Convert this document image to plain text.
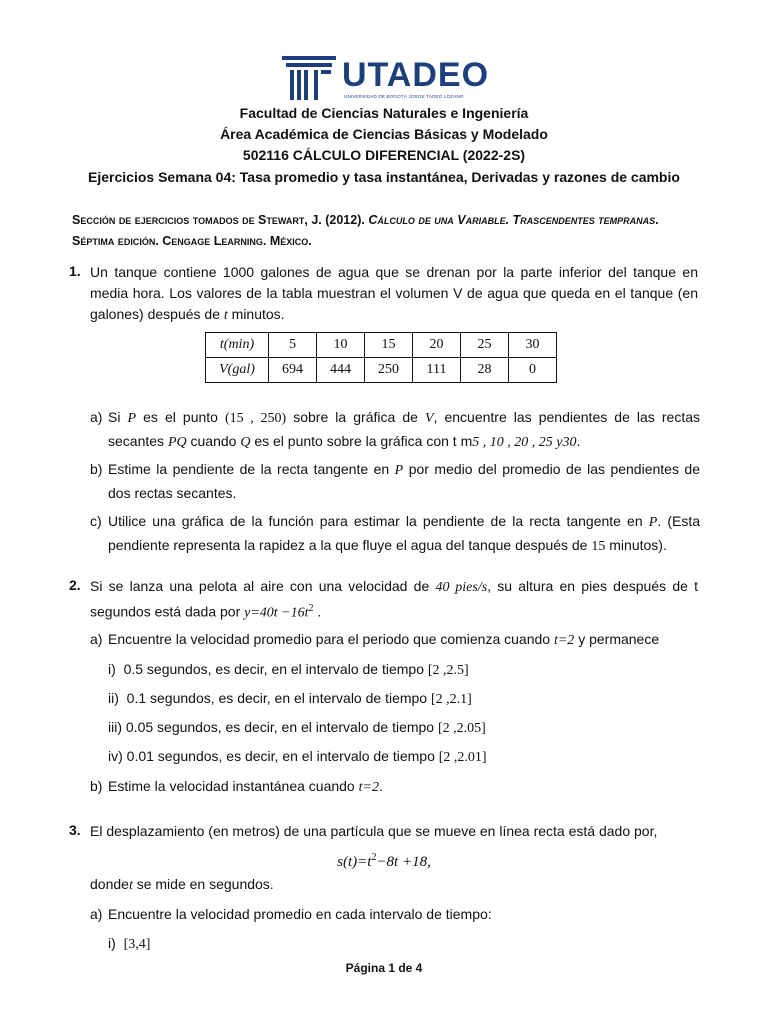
UTADEO
UNIVERSIDAD DE BOGOTÁ JORGE TADEO LOZANO
Facultad de Ciencias Naturales e Ingeniería
Área Académica de Ciencias Básicas y Modelado
502116 CÁLCULO DIFERENCIAL (2022-2S)
Ejercicios Semana 04: Tasa promedio y tasa instantánea, Derivadas y razones de cambio
Sección de ejercicios tomados de Stewart, J. (2012). Cálculo de una Variable. Trascendentes tempranas.
Séptima edición. Cengage Learning. México.
1. Un tanque contiene 1000 galones de agua que se drenan por la parte inferior del tanque en media hora. Los valores de la tabla muestran el volumen V de agua que queda en el tanque (en galones) después de t minutos.
t(min)	5	10	15	20	25	30
V(gal)	694	444	250	111	28	0
a) Si P es el punto (15 , 250) sobre la gráfica de V, encuentre las pendientes de las rectas secantes PQ cuando Q es el punto sobre la gráfica con t m5 , 10 , 20 , 25 y30.
b) Estime la pendiente de la recta tangente en P por medio del promedio de las pendientes de dos rectas secantes.
c) Utilice una gráfica de la función para estimar la pendiente de la recta tangente en P. (Esta pendiente representa la rapidez a la que fluye el agua del tanque después de 15 minutos).
2. Si se lanza una pelota al aire con una velocidad de 40 pies/s, su altura en pies después de t segundos está dada por $y=40t -16t^2$ .
a) Encuentre la velocidad promedio para el periodo que comienza cuando t=2 y permanece
i) 0.5 segundos, es decir, en el intervalo de tiempo [2 ,2.5]
ii) 0.1 segundos, es decir, en el intervalo de tiempo [2 ,2.1]
iii) 0.05 segundos, es decir, en el intervalo de tiempo [2 ,2.05]
iv) 0.01 segundos, es decir, en el intervalo de tiempo [2 ,2.01]
b) Estime la velocidad instantánea cuando t=2.
3. El desplazamiento (en metros) de una partícula que se mueve en línea recta está dado por,
$s(t)=t^2-8t +18$,
dondet se mide en segundos.
a) Encuentre la velocidad promedio en cada intervalo de tiempo:
i) [3,4]
Página 1 de 4
